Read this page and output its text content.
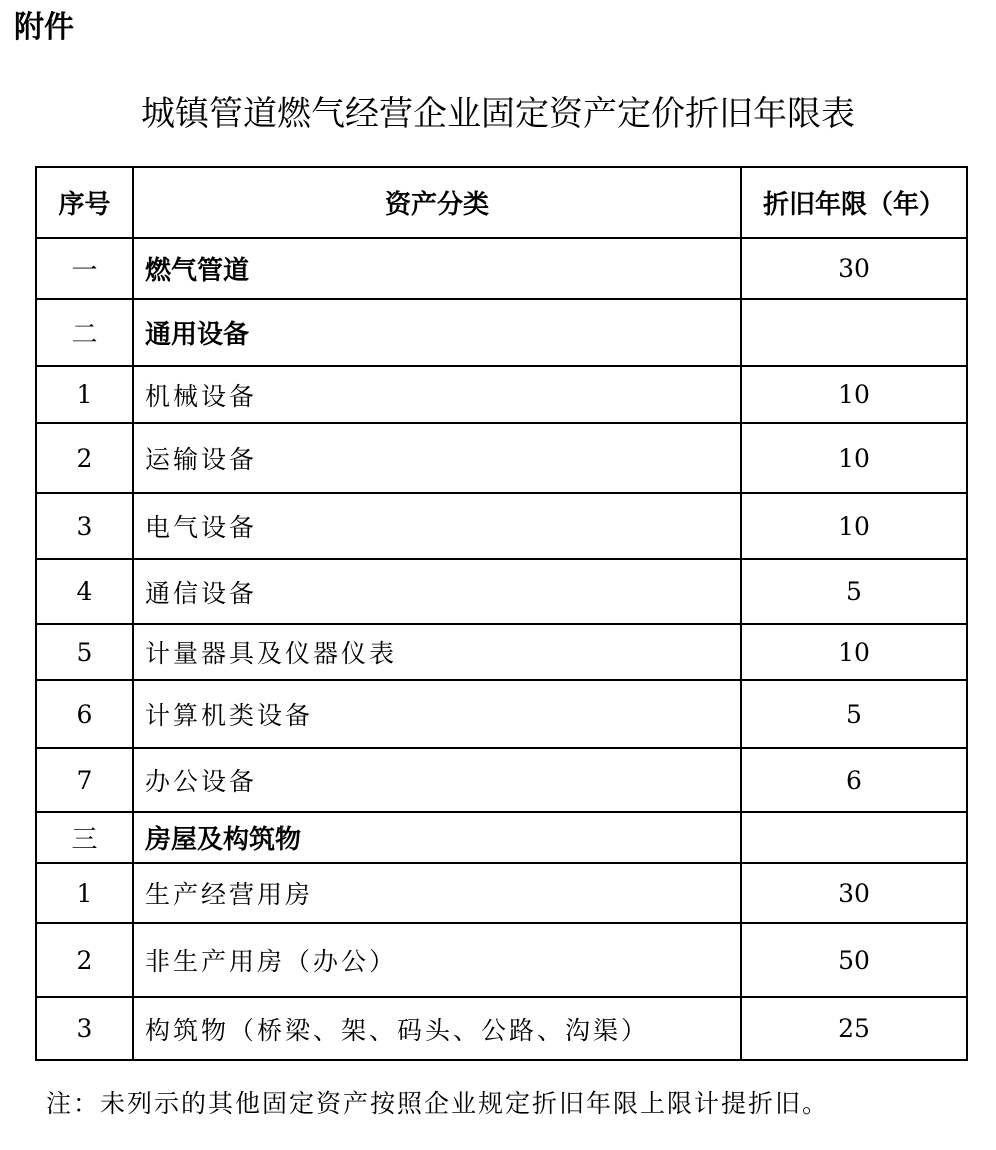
附件
城镇管道燃气经营企业固定资产定价折旧年限表
序号	资产分类	折旧年限（年）
一	燃气管道	30
二	通用设备	
1	机械设备	10
2	运输设备	10
3	电气设备	10
4	通信设备	5
5	计量器具及仪器仪表	10
6	计算机类设备	5
7	办公设备	6
三	房屋及构筑物	
1	生产经营用房	30
2	非生产用房（办公）	50
3	构筑物（桥梁、架、码头、公路、沟渠）	25

注：未列示的其他固定资产按照企业规定折旧年限上限计提折旧。
